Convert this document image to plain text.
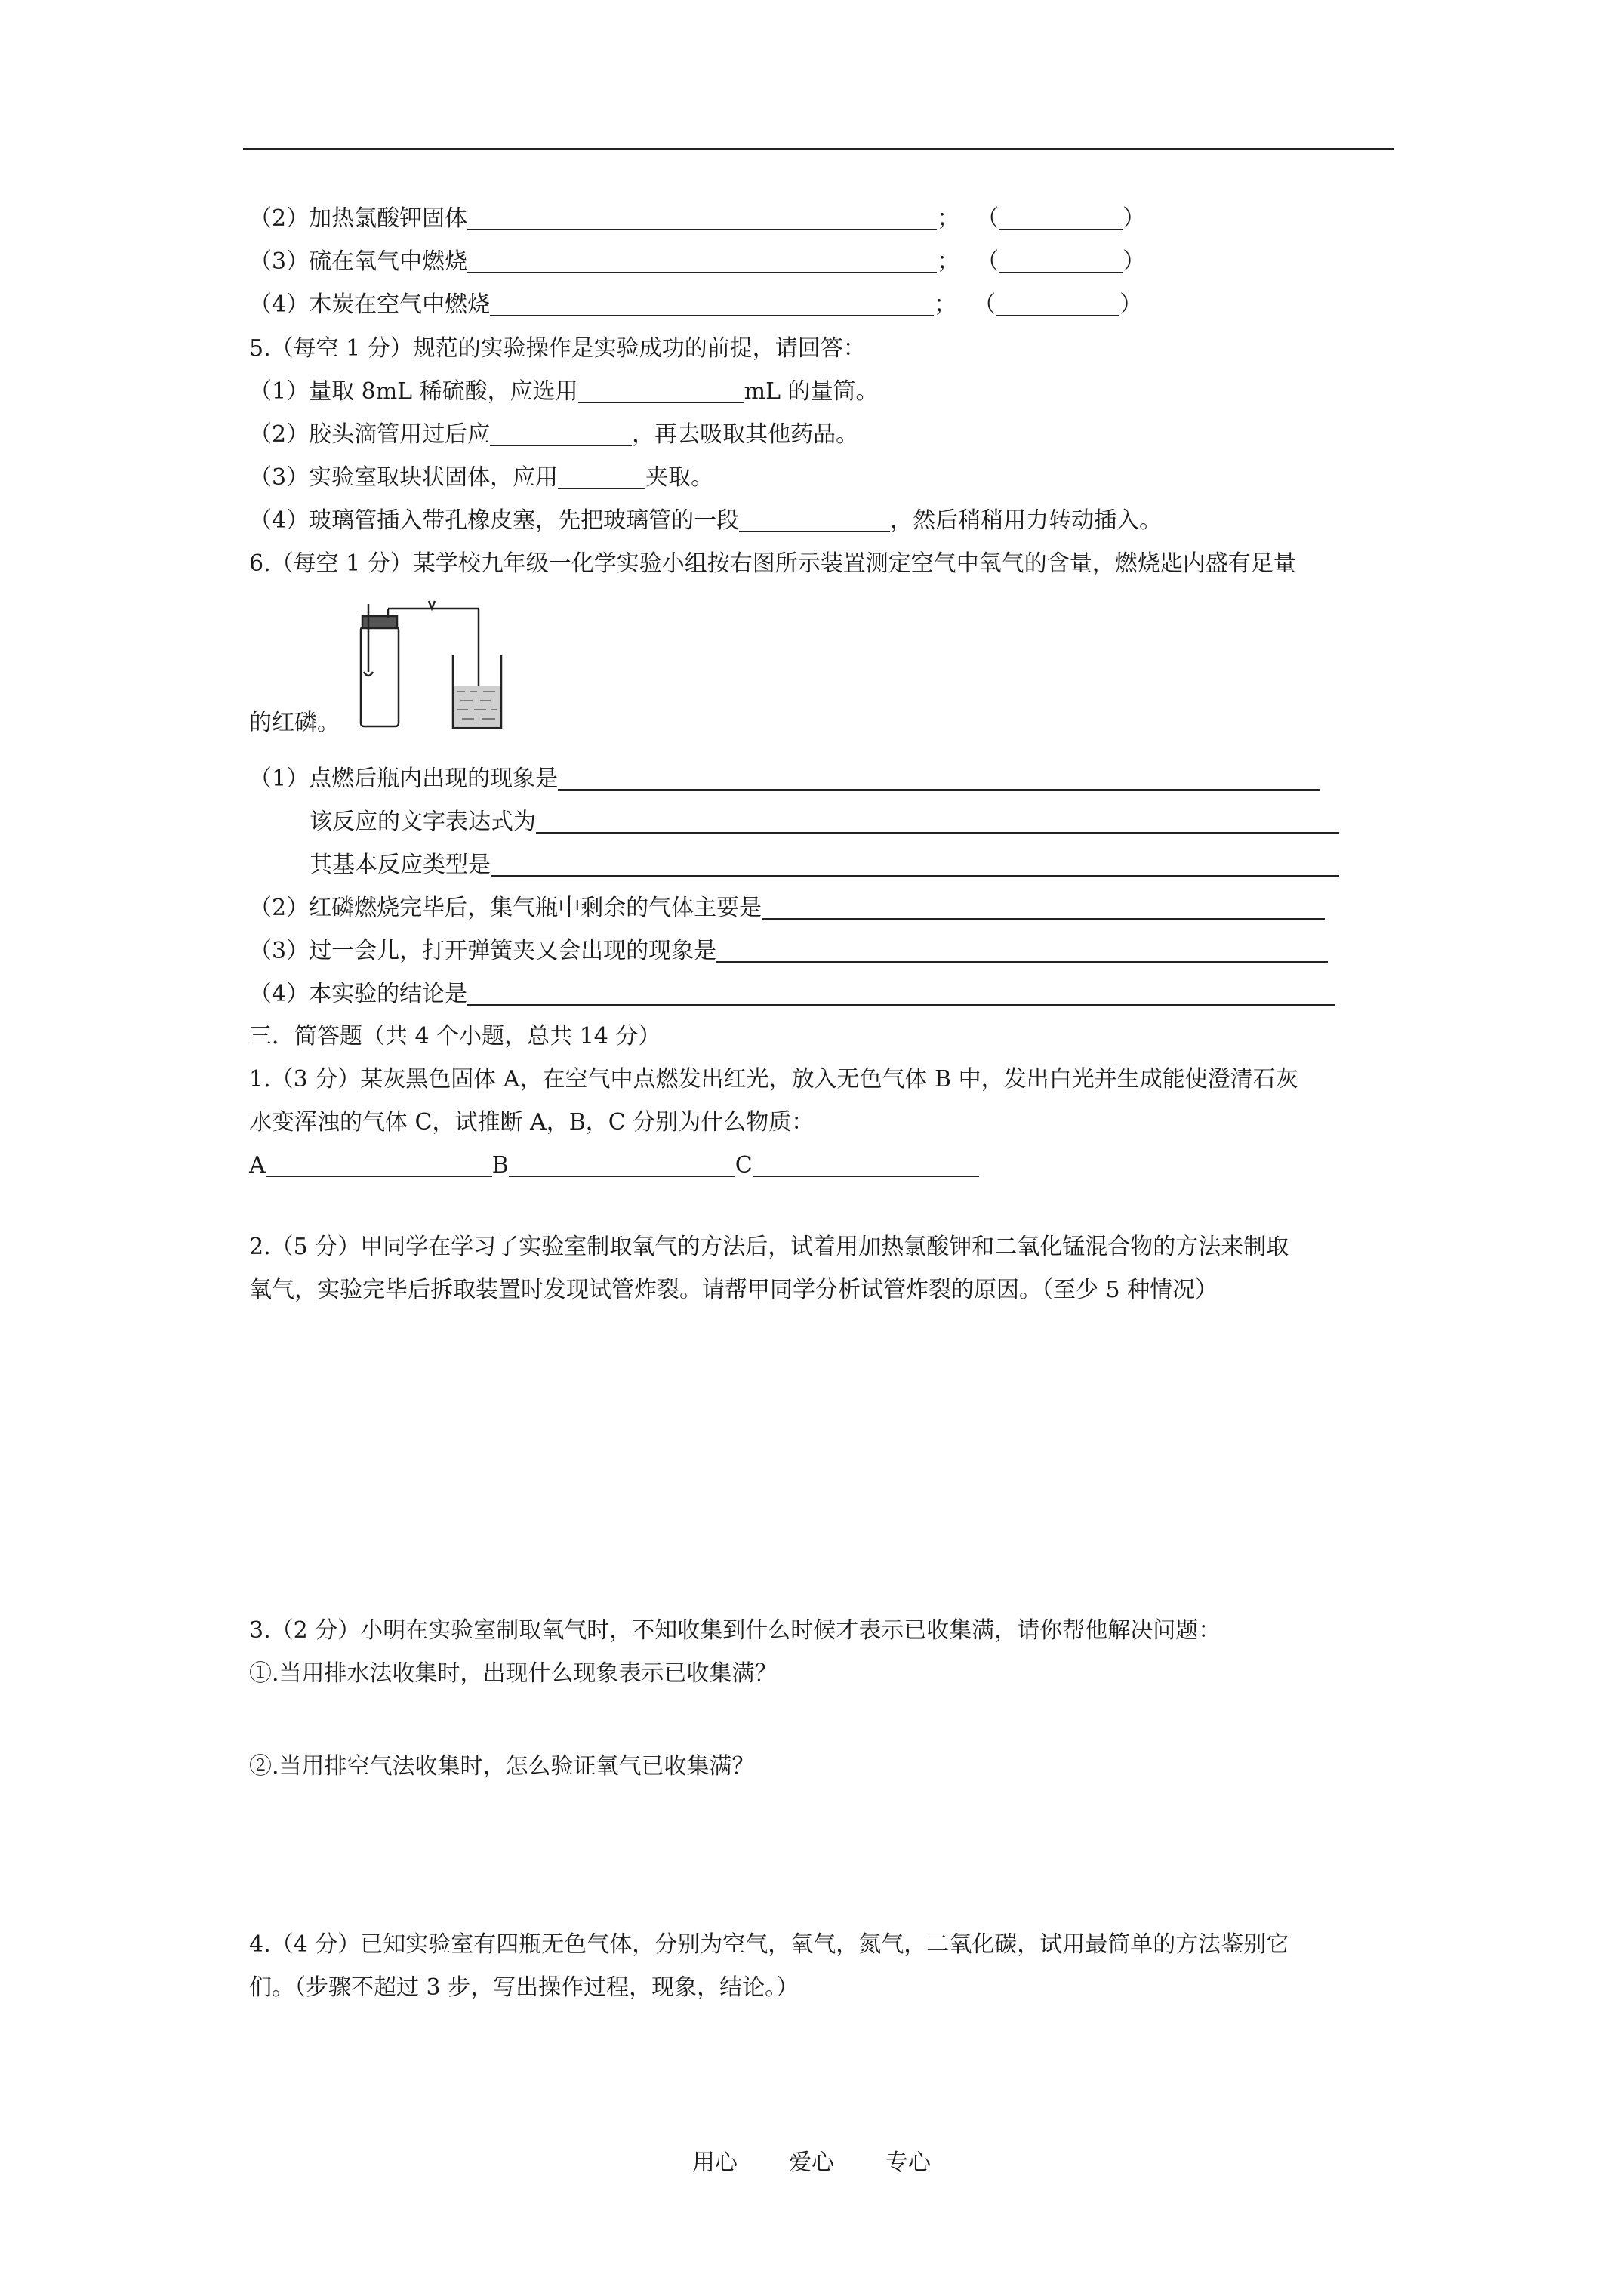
（2）加热氯酸钾固体	； （	）
（3）硫在氧气中燃烧	； （	）
（4）木炭在空气中燃烧	； （	）
5.（每空 1 分）规范的实验操作是实验成功的前提，请回答：
（1）量取 8mL 稀硫酸，应选用	mL 的量筒。
（2）胶头滴管用过后应	，再去吸取其他药品。
（3）实验室取块状固体，应用	夹取。
（4）玻璃管插入带孔橡皮塞，先把玻璃管的一段	，然后稍稍用力转动插入。
6.（每空 1 分）某学校九年级一化学实验小组按右图所示装置测定空气中氧气的含量，燃烧匙内盛有足量
的红磷。
（1）点燃后瓶内出现的现象是
该反应的文字表达式为
其基本反应类型是
（2）红磷燃烧完毕后，集气瓶中剩余的气体主要是
（3）过一会儿，打开弹簧夹又会出现的现象是
（4）本实验的结论是
三．简答题（共 4 个小题，总共 14 分）
1.（3 分）某灰黑色固体 A，在空气中点燃发出红光，放入无色气体 B 中，发出白光并生成能使澄清石灰
水变浑浊的气体 C，试推断 A，B，C 分别为什么物质：
A	B	C
2.（5 分）甲同学在学习了实验室制取氧气的方法后，试着用加热氯酸钾和二氧化锰混合物的方法来制取
氧气，实验完毕后拆取装置时发现试管炸裂。请帮甲同学分析试管炸裂的原因。（至少 5 种情况）
3.（2 分）小明在实验室制取氧气时，不知收集到什么时候才表示已收集满，请你帮他解决问题：
①.当用排水法收集时，出现什么现象表示已收集满？
②.当用排空气法收集时，怎么验证氧气已收集满？
4.（4 分）已知实验室有四瓶无色气体，分别为空气，氧气，氮气，二氧化碳，试用最简单的方法鉴别它
们。（步骤不超过 3 步，写出操作过程，现象，结论。）
用心 爱心 专心
